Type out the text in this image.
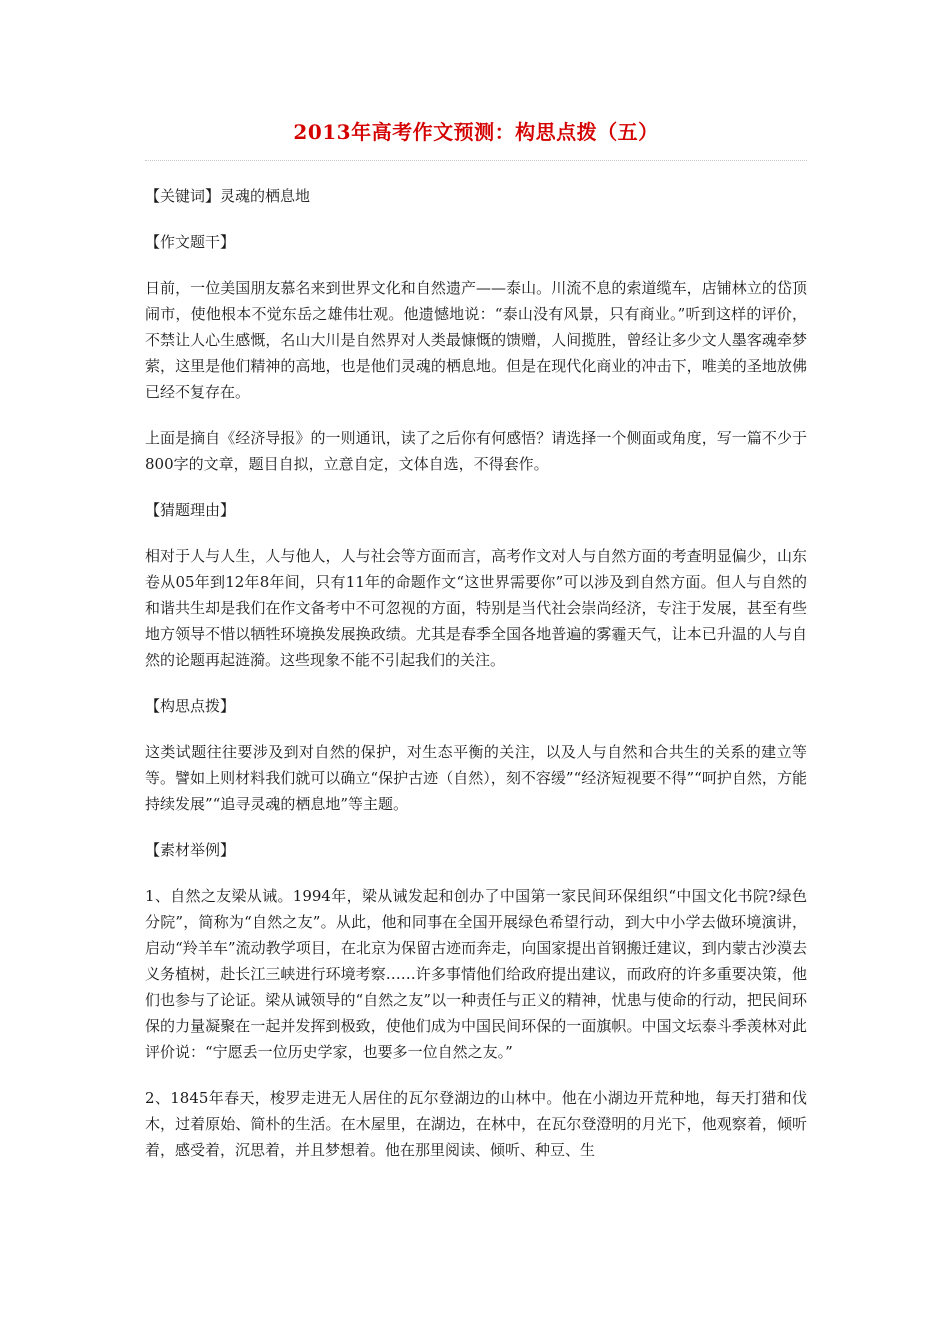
2013年高考作文预测：构思点拨（五）

【关键词】灵魂的栖息地

【作文题干】

日前，一位美国朋友慕名来到世界文化和自然遗产——泰山。川流不息的索道缆车，店铺林立的岱顶闹市，使他根本不觉东岳之雄伟壮观。他遗憾地说：“泰山没有风景，只有商业。”听到这样的评价，不禁让人心生感慨，名山大川是自然界对人类最慷慨的馈赠，人间揽胜，曾经让多少文人墨客魂牵梦萦，这里是他们精神的高地，也是他们灵魂的栖息地。但是在现代化商业的冲击下，唯美的圣地放佛已经不复存在。

上面是摘自《经济导报》的一则通讯，读了之后你有何感悟？请选择一个侧面或角度，写一篇不少于800字的文章，题目自拟，立意自定，文体自选，不得套作。

【猜题理由】

相对于人与人生，人与他人，人与社会等方面而言，高考作文对人与自然方面的考查明显偏少，山东卷从05年到12年8年间，只有11年的命题作文“这世界需要你”可以涉及到自然方面。但人与自然的和谐共生却是我们在作文备考中不可忽视的方面，特别是当代社会崇尚经济，专注于发展，甚至有些地方领导不惜以牺牲环境换发展换政绩。尤其是春季全国各地普遍的雾霾天气，让本已升温的人与自然的论题再起涟漪。这些现象不能不引起我们的关注。

【构思点拨】

这类试题往往要涉及到对自然的保护，对生态平衡的关注，以及人与自然和合共生的关系的建立等等。譬如上则材料我们就可以确立“保护古迹（自然），刻不容缓”“经济短视要不得”“呵护自然，方能持续发展”“追寻灵魂的栖息地”等主题。

【素材举例】

1、自然之友梁从诫。1994年，梁从诫发起和创办了中国第一家民间环保组织“中国文化书院?绿色分院”，简称为“自然之友”。从此，他和同事在全国开展绿色希望行动，到大中小学去做环境演讲，启动“羚羊车”流动教学项目，在北京为保留古迹而奔走，向国家提出首钢搬迁建议，到内蒙古沙漠去义务植树，赴长江三峡进行环境考察……许多事情他们给政府提出建议，而政府的许多重要决策，他们也参与了论证。梁从诫领导的“自然之友”以一种责任与正义的精神，忧患与使命的行动，把民间环保的力量凝聚在一起并发挥到极致，使他们成为中国民间环保的一面旗帜。中国文坛泰斗季羡林对此评价说：“宁愿丢一位历史学家，也要多一位自然之友。”

2、1845年春天，梭罗走进无人居住的瓦尔登湖边的山林中。他在小湖边开荒种地，每天打猎和伐木，过着原始、简朴的生活。在木屋里，在湖边，在林中，在瓦尔登澄明的月光下，他观察着，倾听着，感受着，沉思着，并且梦想着。他在那里阅读、倾听、种豆、生
